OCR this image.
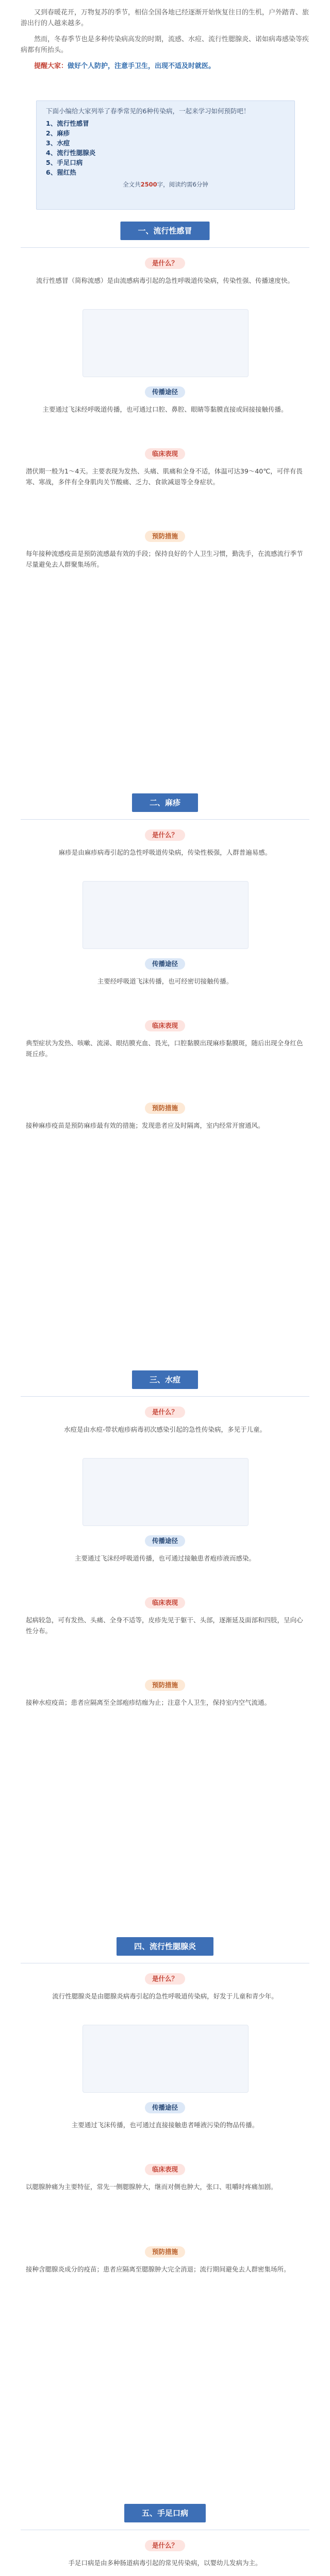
又到春暖花开，万物复苏的季节，相信全国各地已经逐渐开始恢复往日的生机，户外踏青、旅游出行的人越来越多。

然而，冬春季节也是多种传染病高发的时期，流感、水痘、流行性腮腺炎、诺如病毒感染等疾病都有所抬头。

提醒大家：做好个人防护，注意手卫生，出现不适及时就医。

下面小编给大家列举了春季常见的6种传染病，一起来学习如何预防吧！
1、流行性感冒
2、麻疹
3、水痘
4、流行性腮腺炎
5、手足口病
6、猩红热
全文共2500字，阅读约需6分钟
一、流行性感冒
是什么？

流行性感冒（简称流感）是由流感病毒引起的急性呼吸道传染病，传染性强、传播速度快。

传播途径

主要通过飞沫经呼吸道传播，也可通过口腔、鼻腔、眼睛等黏膜直接或间接接触传播。

临床表现

潜伏期一般为1～4天。主要表现为发热、头痛、肌痛和全身不适，体温可达39～40℃，可伴有畏寒、寒战，多伴有全身肌肉关节酸痛、乏力、食欲减退等全身症状。

预防措施

每年接种流感疫苗是预防流感最有效的手段；保持良好的个人卫生习惯，勤洗手，在流感流行季节尽量避免去人群聚集场所。

二、麻疹
是什么？

麻疹是由麻疹病毒引起的急性呼吸道传染病，传染性极强，人群普遍易感。

传播途径

主要经呼吸道飞沫传播，也可经密切接触传播。

临床表现

典型症状为发热、咳嗽、流涕、眼结膜充血、畏光，口腔黏膜出现麻疹黏膜斑，随后出现全身红色斑丘疹。

预防措施

接种麻疹疫苗是预防麻疹最有效的措施；发现患者应及时隔离，室内经常开窗通风。

三、水痘
是什么？

水痘是由水痘-带状疱疹病毒初次感染引起的急性传染病，多见于儿童。

传播途径

主要通过飞沫经呼吸道传播，也可通过接触患者疱疹液而感染。

临床表现

起病较急，可有发热、头痛、全身不适等，皮疹先见于躯干、头部，逐渐延及面部和四肢，呈向心性分布。

预防措施

接种水痘疫苗；患者应隔离至全部疱疹结痂为止；注意个人卫生，保持室内空气流通。

四、流行性腮腺炎
是什么？

流行性腮腺炎是由腮腺炎病毒引起的急性呼吸道传染病，好发于儿童和青少年。

传播途径

主要通过飞沫传播，也可通过直接接触患者唾液污染的物品传播。

临床表现

以腮腺肿痛为主要特征，常先一侧腮腺肿大，继而对侧也肿大，张口、咀嚼时疼痛加剧。

预防措施

接种含腮腺炎成分的疫苗；患者应隔离至腮腺肿大完全消退；流行期间避免去人群密集场所。

五、手足口病
是什么？

手足口病是由多种肠道病毒引起的常见传染病，以婴幼儿发病为主。
